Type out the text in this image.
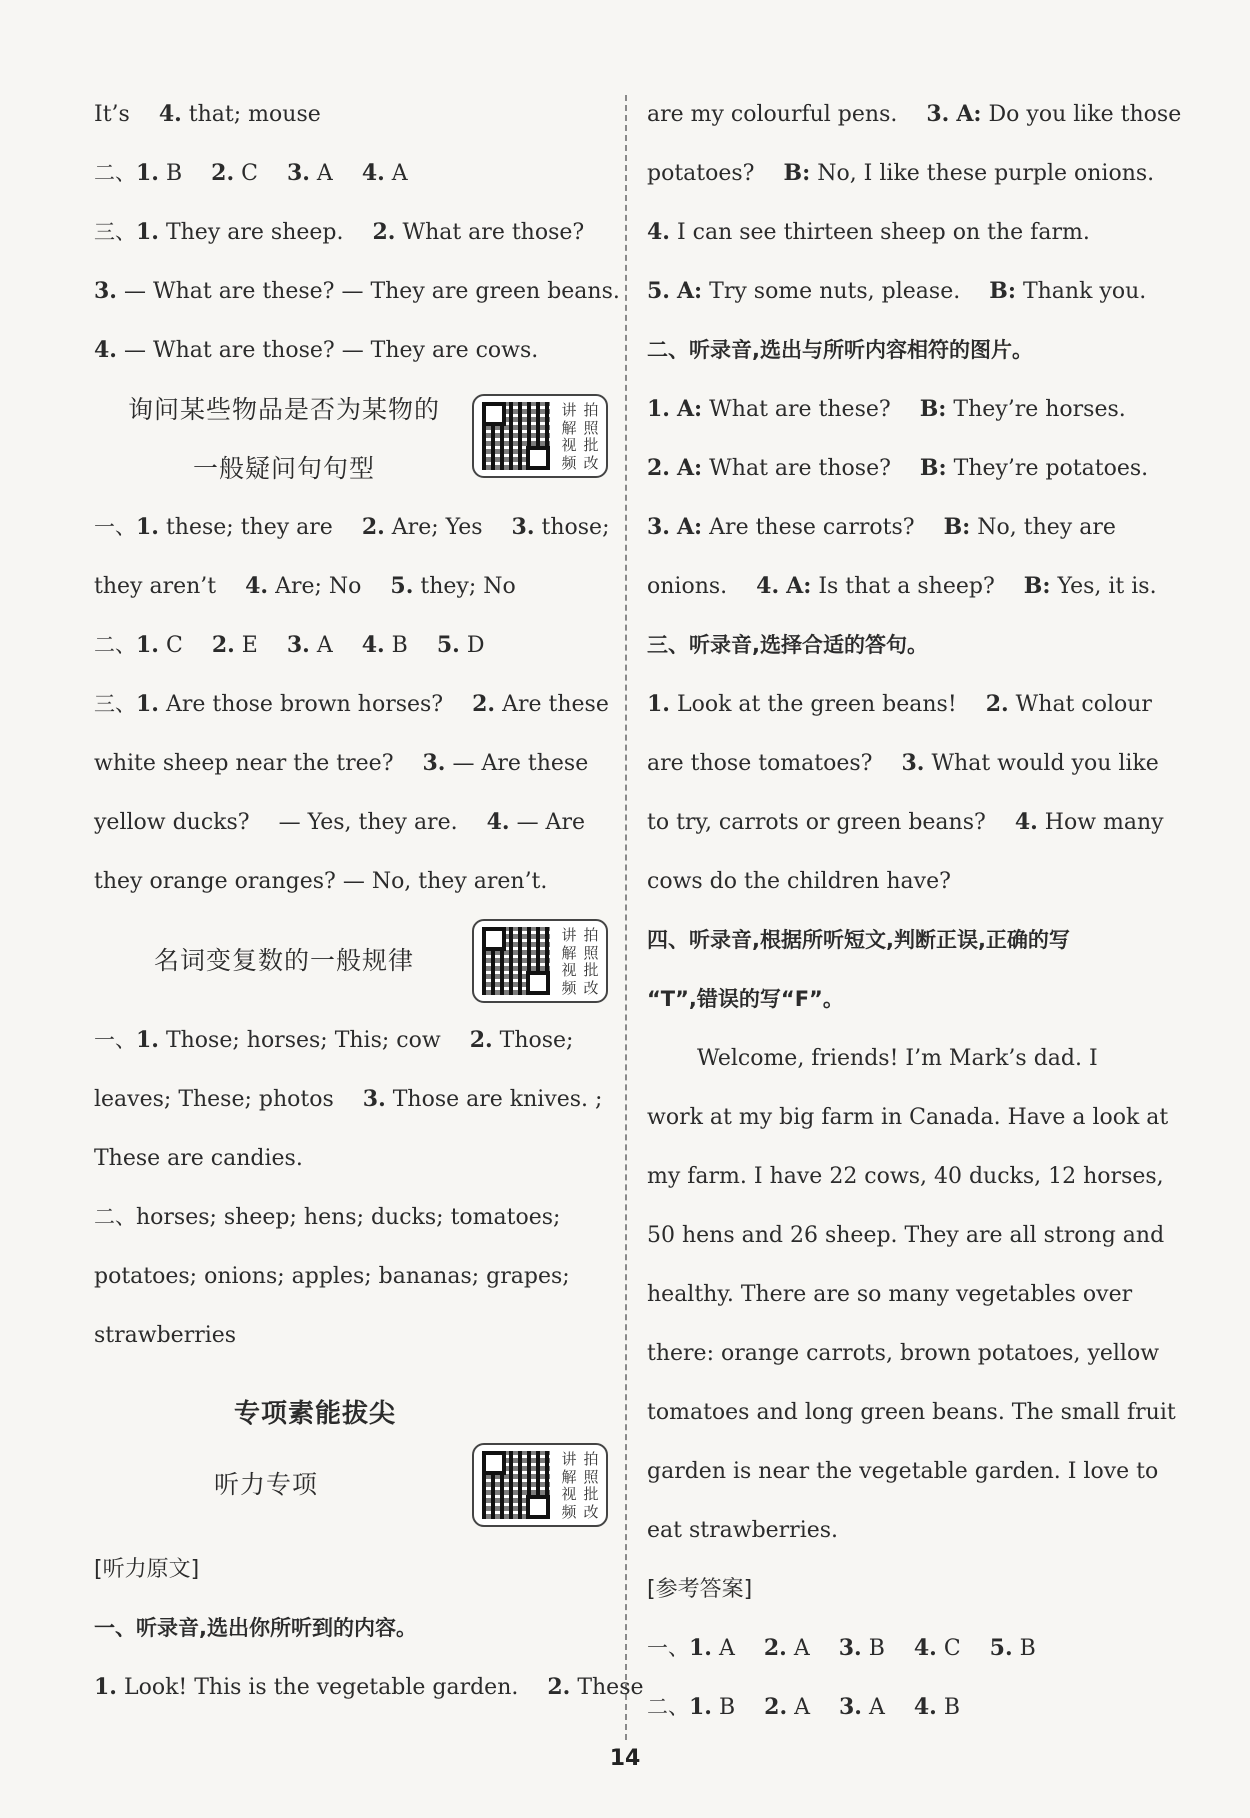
It’s 4. that; mouse
二、1. B 2. C 3. A 4. A
三、1. They are sheep. 2. What are those?
3. — What are these? — They are green beans.
4. — What are those? — They are cows.
询问某些物品是否为某物的
一般疑问句句型
讲 拍
解 照
视 批
频 改
一、1. these; they are 2. Are; Yes 3. those;
they aren’t 4. Are; No 5. they; No
二、1. C 2. E 3. A 4. B 5. D
三、1. Are those brown horses? 2. Are these
white sheep near the tree? 3. — Are these
yellow ducks? — Yes, they are. 4. — Are
they orange oranges? — No, they aren’t.
名词变复数的一般规律
讲 拍
解 照
视 批
频 改
一、1. Those; horses; This; cow 2. Those;
leaves; These; photos 3. Those are knives. ;
These are candies.
二、horses; sheep; hens; ducks; tomatoes;
potatoes; onions; apples; bananas; grapes;
strawberries
专项素能拔尖
听力专项
讲 拍
解 照
视 批
频 改
[听力原文]
一、听录音,选出你所听到的内容。
1. Look! This is the vegetable garden. 2. These
are my colourful pens. 3. A: Do you like those
potatoes? B: No, I like these purple onions.
4. I can see thirteen sheep on the farm.
5. A: Try some nuts, please. B: Thank you.
二、听录音,选出与所听内容相符的图片。
1. A: What are these? B: They’re horses.
2. A: What are those? B: They’re potatoes.
3. A: Are these carrots? B: No, they are
onions. 4. A: Is that a sheep? B: Yes, it is.
三、听录音,选择合适的答句。
1. Look at the green beans! 2. What colour
are those tomatoes? 3. What would you like
to try, carrots or green beans? 4. How many
cows do the children have?
四、听录音,根据所听短文,判断正误,正确的写
“T”,错误的写“F”。
Welcome, friends! I’m Mark’s dad. I
work at my big farm in Canada. Have a look at
my farm. I have 22 cows, 40 ducks, 12 horses,
50 hens and 26 sheep. They are all strong and
healthy. There are so many vegetables over
there: orange carrots, brown potatoes, yellow
tomatoes and long green beans. The small fruit
garden is near the vegetable garden. I love to
eat strawberries.
[参考答案]
一、1. A 2. A 3. B 4. C 5. B
二、1. B 2. A 3. A 4. B
14
